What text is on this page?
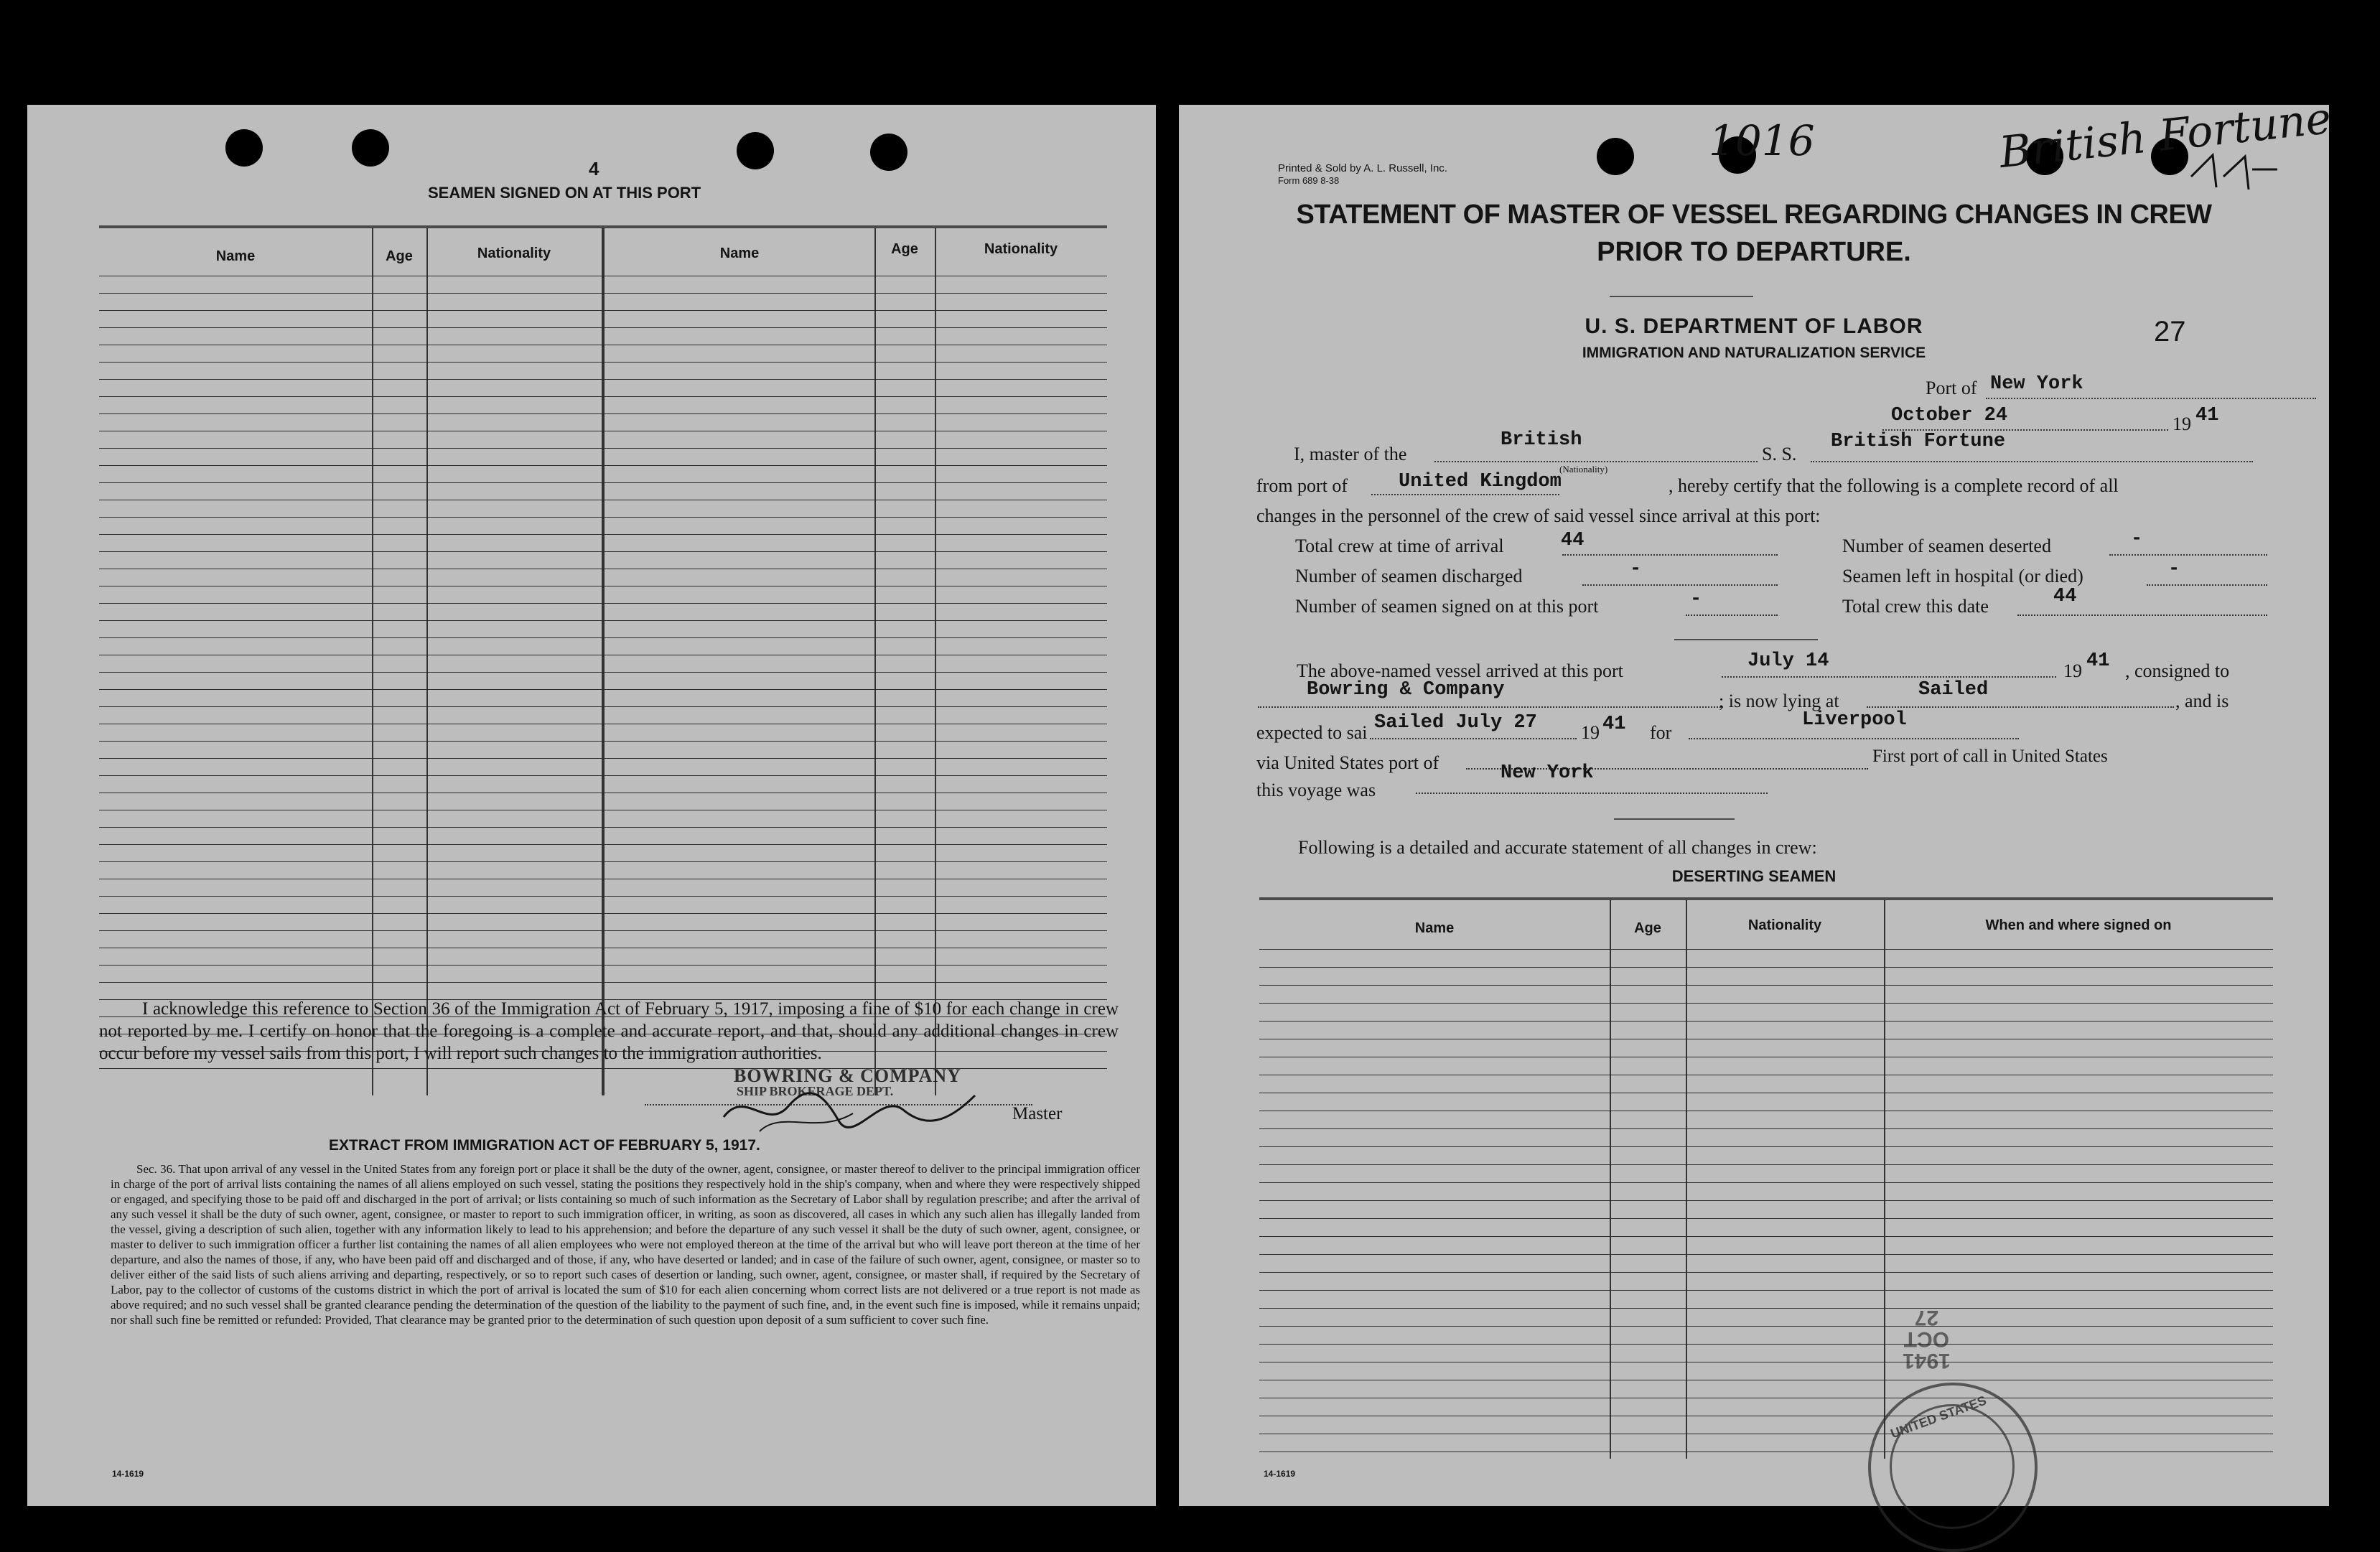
4
SEAMEN SIGNED ON AT THIS PORT
Name	Age	Nationality	Name	Age	Nationality
I acknowledge this reference to Section 36 of the Immigration Act of February 5, 1917, imposing a fine of $10 for each change in crew not reported by me. I certify on honor that the foregoing is a complete and accurate report, and that, should any additional changes in crew occur before my vessel sails from this port, I will report such changes to the immigration authorities.
BOWRING & COMPANY
SHIP BROKERAGE DEPT.
Master
EXTRACT FROM IMMIGRATION ACT OF FEBRUARY 5, 1917.
Sec. 36. That upon arrival of any vessel in the United States from any foreign port or place it shall be the duty of the owner, agent, consignee, or master thereof to deliver to the principal immigration officer in charge of the port of arrival lists containing the names of all aliens employed on such vessel, stating the positions they respectively hold in the ship's company, when and where they were respectively shipped or engaged, and specifying those to be paid off and discharged in the port of arrival; or lists containing so much of such information as the Secretary of Labor shall by regulation prescribe; and after the arrival of any such vessel it shall be the duty of such owner, agent, consignee, or master to report to such immigration officer, in writing, as soon as discovered, all cases in which any such alien has illegally landed from the vessel, giving a description of such alien, together with any information likely to lead to his apprehension; and before the departure of any such vessel it shall be the duty of such owner, agent, consignee, or master to deliver to such immigration officer a further list containing the names of all alien employees who were not employed thereon at the time of the arrival but who will leave port thereon at the time of her departure, and also the names of those, if any, who have been paid off and discharged and of those, if any, who have deserted or landed; and in case of the failure of such owner, agent, consignee, or master so to deliver either of the said lists of such aliens arriving and departing, respectively, or so to report such cases of desertion or landing, such owner, agent, consignee, or master shall, if required by the Secretary of Labor, pay to the collector of customs of the customs district in which the port of arrival is located the sum of $10 for each alien concerning whom correct lists are not delivered or a true report is not made as above required; and no such vessel shall be granted clearance pending the determination of the question of the liability to the payment of such fine, and, in the event such fine is imposed, while it remains unpaid; nor shall such fine be remitted or refunded: Provided, That clearance may be granted prior to the determination of such question upon deposit of a sum sufficient to cover such fine.
14-1619
Printed & Sold by A. L. Russell, Inc.
Form 689 8-38
1016	British Fortune
STATEMENT OF MASTER OF VESSEL REGARDING CHANGES IN CREW
PRIOR TO DEPARTURE.
U. S. DEPARTMENT OF LABOR
IMMIGRATION AND NATURALIZATION SERVICE
27
Port of New York
October 24	19 41
I, master of the
British
(Nationality)
S. S.
British Fortune
from port of	United Kingdom	, hereby certify that the following is a complete record of all
changes in the personnel of the crew of said vessel since arrival at this port:
Total crew at time of arrival	44	Number of seamen deserted	-
Number of seamen discharged	-	Seamen left in hospital (or died)	-
Number of seamen signed on at this port	-	Total crew this date	44
The above-named vessel arrived at this port	July 14	19 41 , consigned to
Bowring & Company
; is now lying at
Sailed
, and is
expected to sai Sailed July 27 19 41 for
Liverpool
via United States port of	First port of call in United States
this voyage was
New York
Following is a detailed and accurate statement of all changes in crew:
DESERTING SEAMEN
Name	Age	Nationality	When and where signed on
1941
OCT
27
UNITED STATES
14-1619
